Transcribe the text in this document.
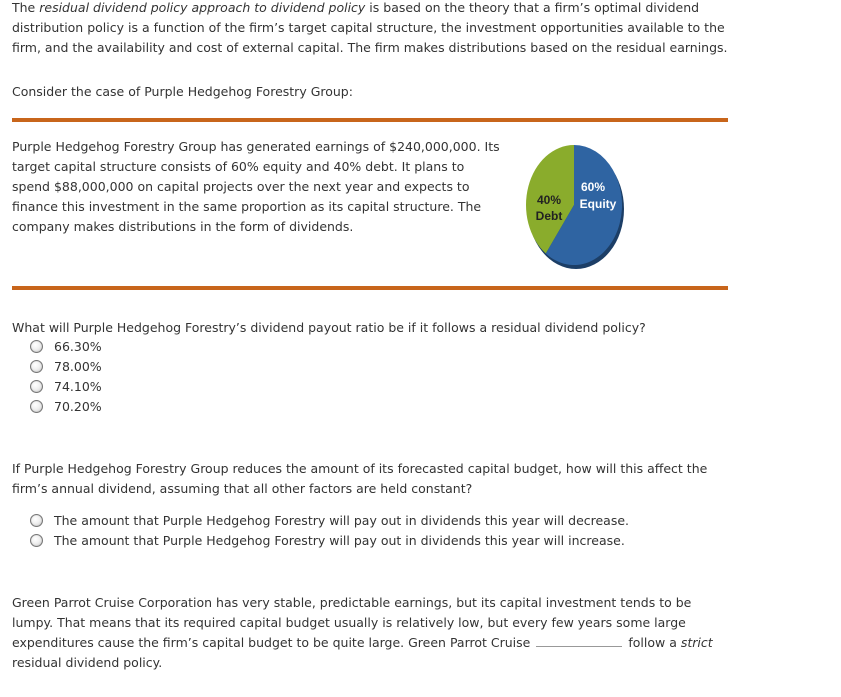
The residual dividend policy approach to dividend policy is based on the theory that a firm’s optimal dividend distribution policy is a function of the firm’s target capital structure, the investment opportunities available to the firm, and the availability and cost of external capital. The firm makes distributions based on the residual earnings.

Consider the case of Purple Hedgehog Forestry Group:

Purple Hedgehog Forestry Group has generated earnings of $240,000,000. Its target capital structure consists of 60% equity and 40% debt. It plans to spend $88,000,000 on capital projects over the next year and expects to finance this investment in the same proportion as its capital structure. The company makes distributions in the form of dividends.

60%
Equity
40%
Debt

What will Purple Hedgehog Forestry’s dividend payout ratio be if it follows a residual dividend policy?

66.30%
78.00%
74.10%
70.20%

If Purple Hedgehog Forestry Group reduces the amount of its forecasted capital budget, how will this affect the firm’s annual dividend, assuming that all other factors are held constant?

The amount that Purple Hedgehog Forestry will pay out in dividends this year will decrease.
The amount that Purple Hedgehog Forestry will pay out in dividends this year will increase.

Green Parrot Cruise Corporation has very stable, predictable earnings, but its capital investment tends to be lumpy. That means that its required capital budget usually is relatively low, but every few years some large expenditures cause the firm’s capital budget to be quite large. Green Parrot Cruise	follow a strict residual dividend policy.
